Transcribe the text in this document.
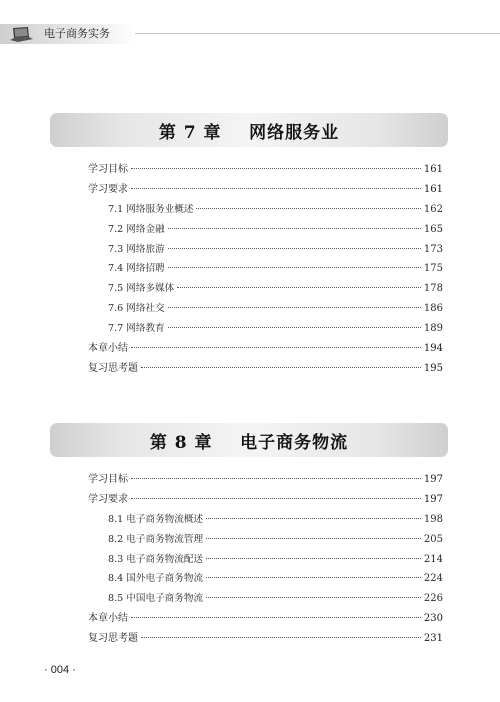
电子商务实务
第 7 章    网络服务业
学习目标	161
学习要求	161
7.1 网络服务业概述	162
7.2 网络金融	165
7.3 网络旅游	173
7.4 网络招聘	175
7.5 网络多媒体	178
7.6 网络社交	186
7.7 网络教育	189
本章小结	194
复习思考题	195
第 8 章    电子商务物流
学习目标	197
学习要求	197
8.1 电子商务物流概述	198
8.2 电子商务物流管理	205
8.3 电子商务物流配送	214
8.4 国外电子商务物流	224
8.5 中国电子商务物流	226
本章小结	230
复习思考题	231
· 004 ·
